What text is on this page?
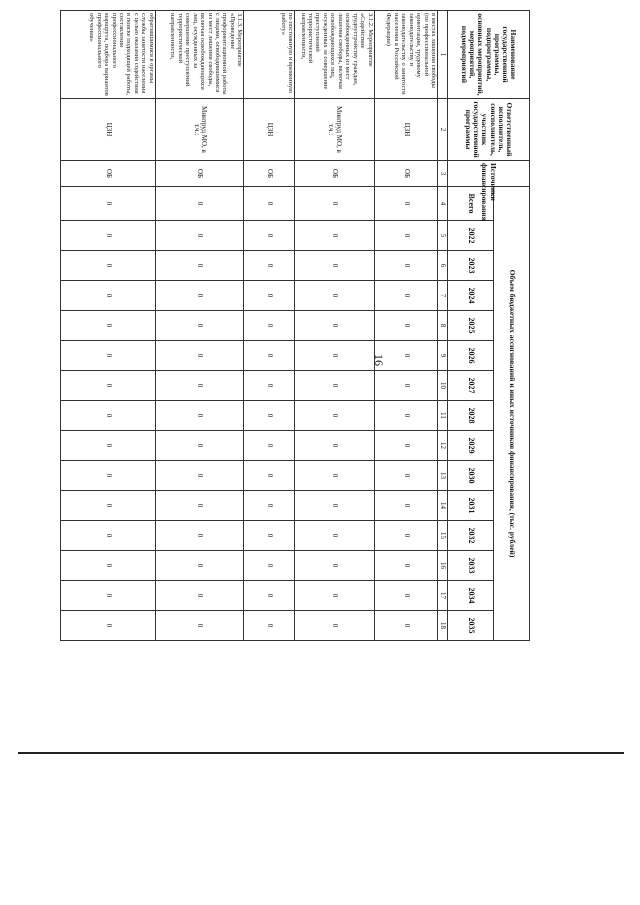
16
Наименование государственной программы, подпрограммы, основных мероприятий, мероприятий, подмероприятий	Ответственный исполнитель, соисполнитель, участник государственной программы	Источники финансирования	Объем бюджетных ассигнований и иных источников финансирования, (тыс. рублей)														
			Всего	2022	2023	2024	2025	2026	2027	2028	2029	2030	2031	2032	2033	2034	2035
1	2	3	4	5	6	7	8	9	10	11	12	13	14	15	16	17	18
в местах лишения свободы (по профессиональной ориентации, трудовому законодательству и законодательству о занятости населения в Российской Федерации)	ЦЗН	ОБ	0	0	0	0	0	0	0	0	0	0	0	0	0	0	0
3.1.2. Мероприятие «Содействие трудоустройству граждан, освобожденных из мест лишения свободы, включая освобождающихся лиц, осужденных за совершение преступлений террористической направленности,	Минтруд МО, в т.ч.:	ОБ	0	0	0	0	0	0	0	0	0	0	0	0	0	0	0
по постоянную и временную работу»	ЦЗН	ОБ	0	0	0	0	0	0	0	0	0	0	0	0	0	0	0
3.1.3. Мероприятие «Проведение профориентационной работы с лицами, освободившимися из мест лишения свободы, включая освобождающихся лиц, осужденных за совершение преступлений террористической направленности,	Минтруд МО, в т.ч.:	ОБ	0	0	0	0	0	0	0	0	0	0	0	0	0	0	0
обратившимися в органы службы занятости населения с целью оказания содействия в поиске подходящей работы, составления профессионального маршрута, подбора вариантов профессионального обучения»	ЦЗН	ОБ	0	0	0	0	0	0	0	0	0	0	0	0	0	0	0
